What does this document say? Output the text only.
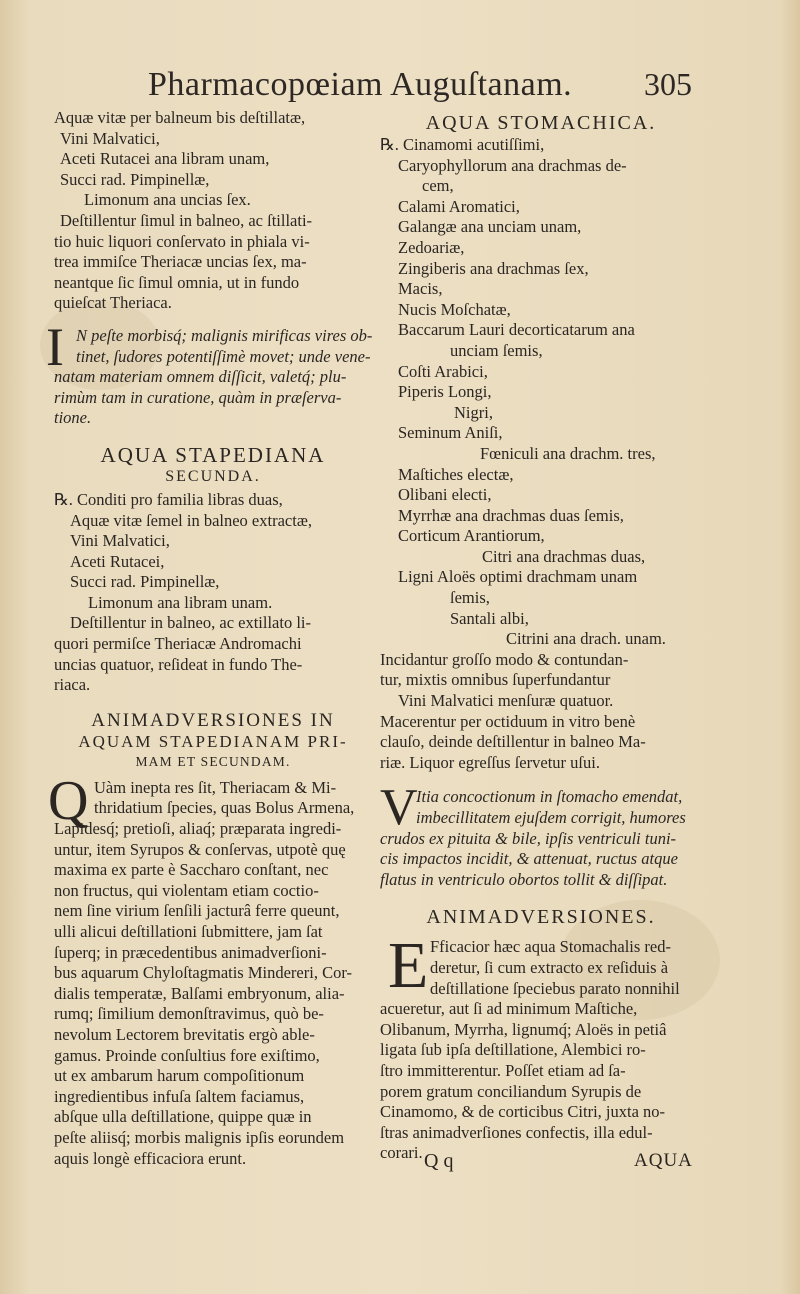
Pharmacopœiam Auguſtanam. 305
Aquæ vitæ per balneum bis deſtillatæ,
Vini Malvatici,
Aceti Rutacei ana libram unam,
Succi rad. Pimpinellæ,
Limonum ana uncias ſex.
Deſtillentur ſimul in balneo, ac ſtillati-
tio huic liquori conſervato in phiala vi-
trea immiſce Theriacæ uncias ſex, ma-
neantque ſic ſimul omnia, ut in fundo
quieſcat Theriaca.
I N peſte morbisq́; malignis mirificas vires ob-
tinet, ſudores potentiſſimè movet; unde vene-
natam materiam omnem diſſicit, valetq́; plu-
rimùm tam in curatione, quàm in præſerva-
tione.
AQUA STAPEDIANA
SECUNDA.
℞. Conditi pro familia libras duas,
Aquæ vitæ ſemel in balneo extractæ,
Vini Malvatici,
Aceti Rutacei,
Succi rad. Pimpinellæ,
Limonum ana libram unam.
Deſtillentur in balneo, ac extillato li-
quori permiſce Theriacæ Andromachi
uncias quatuor, reſideat in fundo The-
riaca.
ANIMADVERSIONES IN
AQUAM STAPEDIANAM PRI-
MAM ET SECUNDAM.
Q Uàm inepta res ſit, Theriacam & Mi-
thridatium ſpecies, quas Bolus Armena,
Lapidesq́; pretioſi, aliaq́; præparata ingredi-
untur, item Syrupos & conſervas, utpotè quę
maxima ex parte è Saccharo conſtant, nec
non fructus, qui violentam etiam coctio-
nem ſine virium ſenſili jacturâ ferre queunt,
ulli alicui deſtillationi ſubmittere, jam ſat
ſuperq; in præcedentibus animadverſioni-
bus aquarum Chyloſtagmatis Mindereri, Cor-
dialis temperatæ, Balſami embryonum, alia-
rumq; ſimilium demonſtravimus, quò be-
nevolum Lectorem brevitatis ergò able-
gamus. Proinde conſultius fore exiſtimo,
ut ex ambarum harum compoſitionum
ingredientibus infuſa ſaltem faciamus,
abſque ulla deſtillatione, quippe quæ in
peſte aliisq́; morbis malignis ipſis eorundem
aquis longè efficaciora erunt.
AQUA STOMACHICA.
℞. Cinamomi acutiſſimi,
Caryophyllorum ana drachmas de-
cem,
Calami Aromatici,
Galangæ ana unciam unam,
Zedoariæ,
Zingiberis ana drachmas ſex,
Macis,
Nucis Moſchatæ,
Baccarum Lauri decorticatarum ana
unciam ſemis,
Coſti Arabici,
Piperis Longi,
Nigri,
Seminum Aniſi,
Fœniculi ana drachm. tres,
Maſtiches electæ,
Olibani electi,
Myrrhæ ana drachmas duas ſemis,
Corticum Arantiorum,
Citri ana drachmas duas,
Ligni Aloës optimi drachmam unam
ſemis,
Santali albi,
Citrini ana drach. unam.
Incidantur groſſo modo & contundan-
tur, mixtis omnibus ſuperfundantur
Vini Malvatici menſuræ quatuor.
Macerentur per octiduum in vitro benè
clauſo, deinde deſtillentur in balneo Ma-
riæ. Liquor egreſſus ſervetur uſui.
V
Itia concoctionum in ſtomacho emendat,
imbecillitatem ejuſdem corrigit, humores
crudos ex pituita & bile, ipſis ventriculi tuni-
cis impactos incidit, & attenuat, ructus atque
flatus in ventriculo obortos tollit & diſſipat.
ANIMADVERSIONES.
E Fficacior hæc aqua Stomachalis red-
deretur, ſi cum extracto ex reſiduis à
deſtillatione ſpeciebus parato nonnihil
acueretur, aut ſi ad minimum Maſtiche,
Olibanum, Myrrha, lignumq́; Aloës in petiâ
ligata ſub ipſa deſtillatione, Alembici ro-
ſtro immitterentur. Poſſet etiam ad ſa-
porem gratum conciliandum Syrupis de
Cinamomo, & de corticibus Citri, juxta no-
ſtras animadverſiones confectis, illa edul-
corari. Q q	AQUA
